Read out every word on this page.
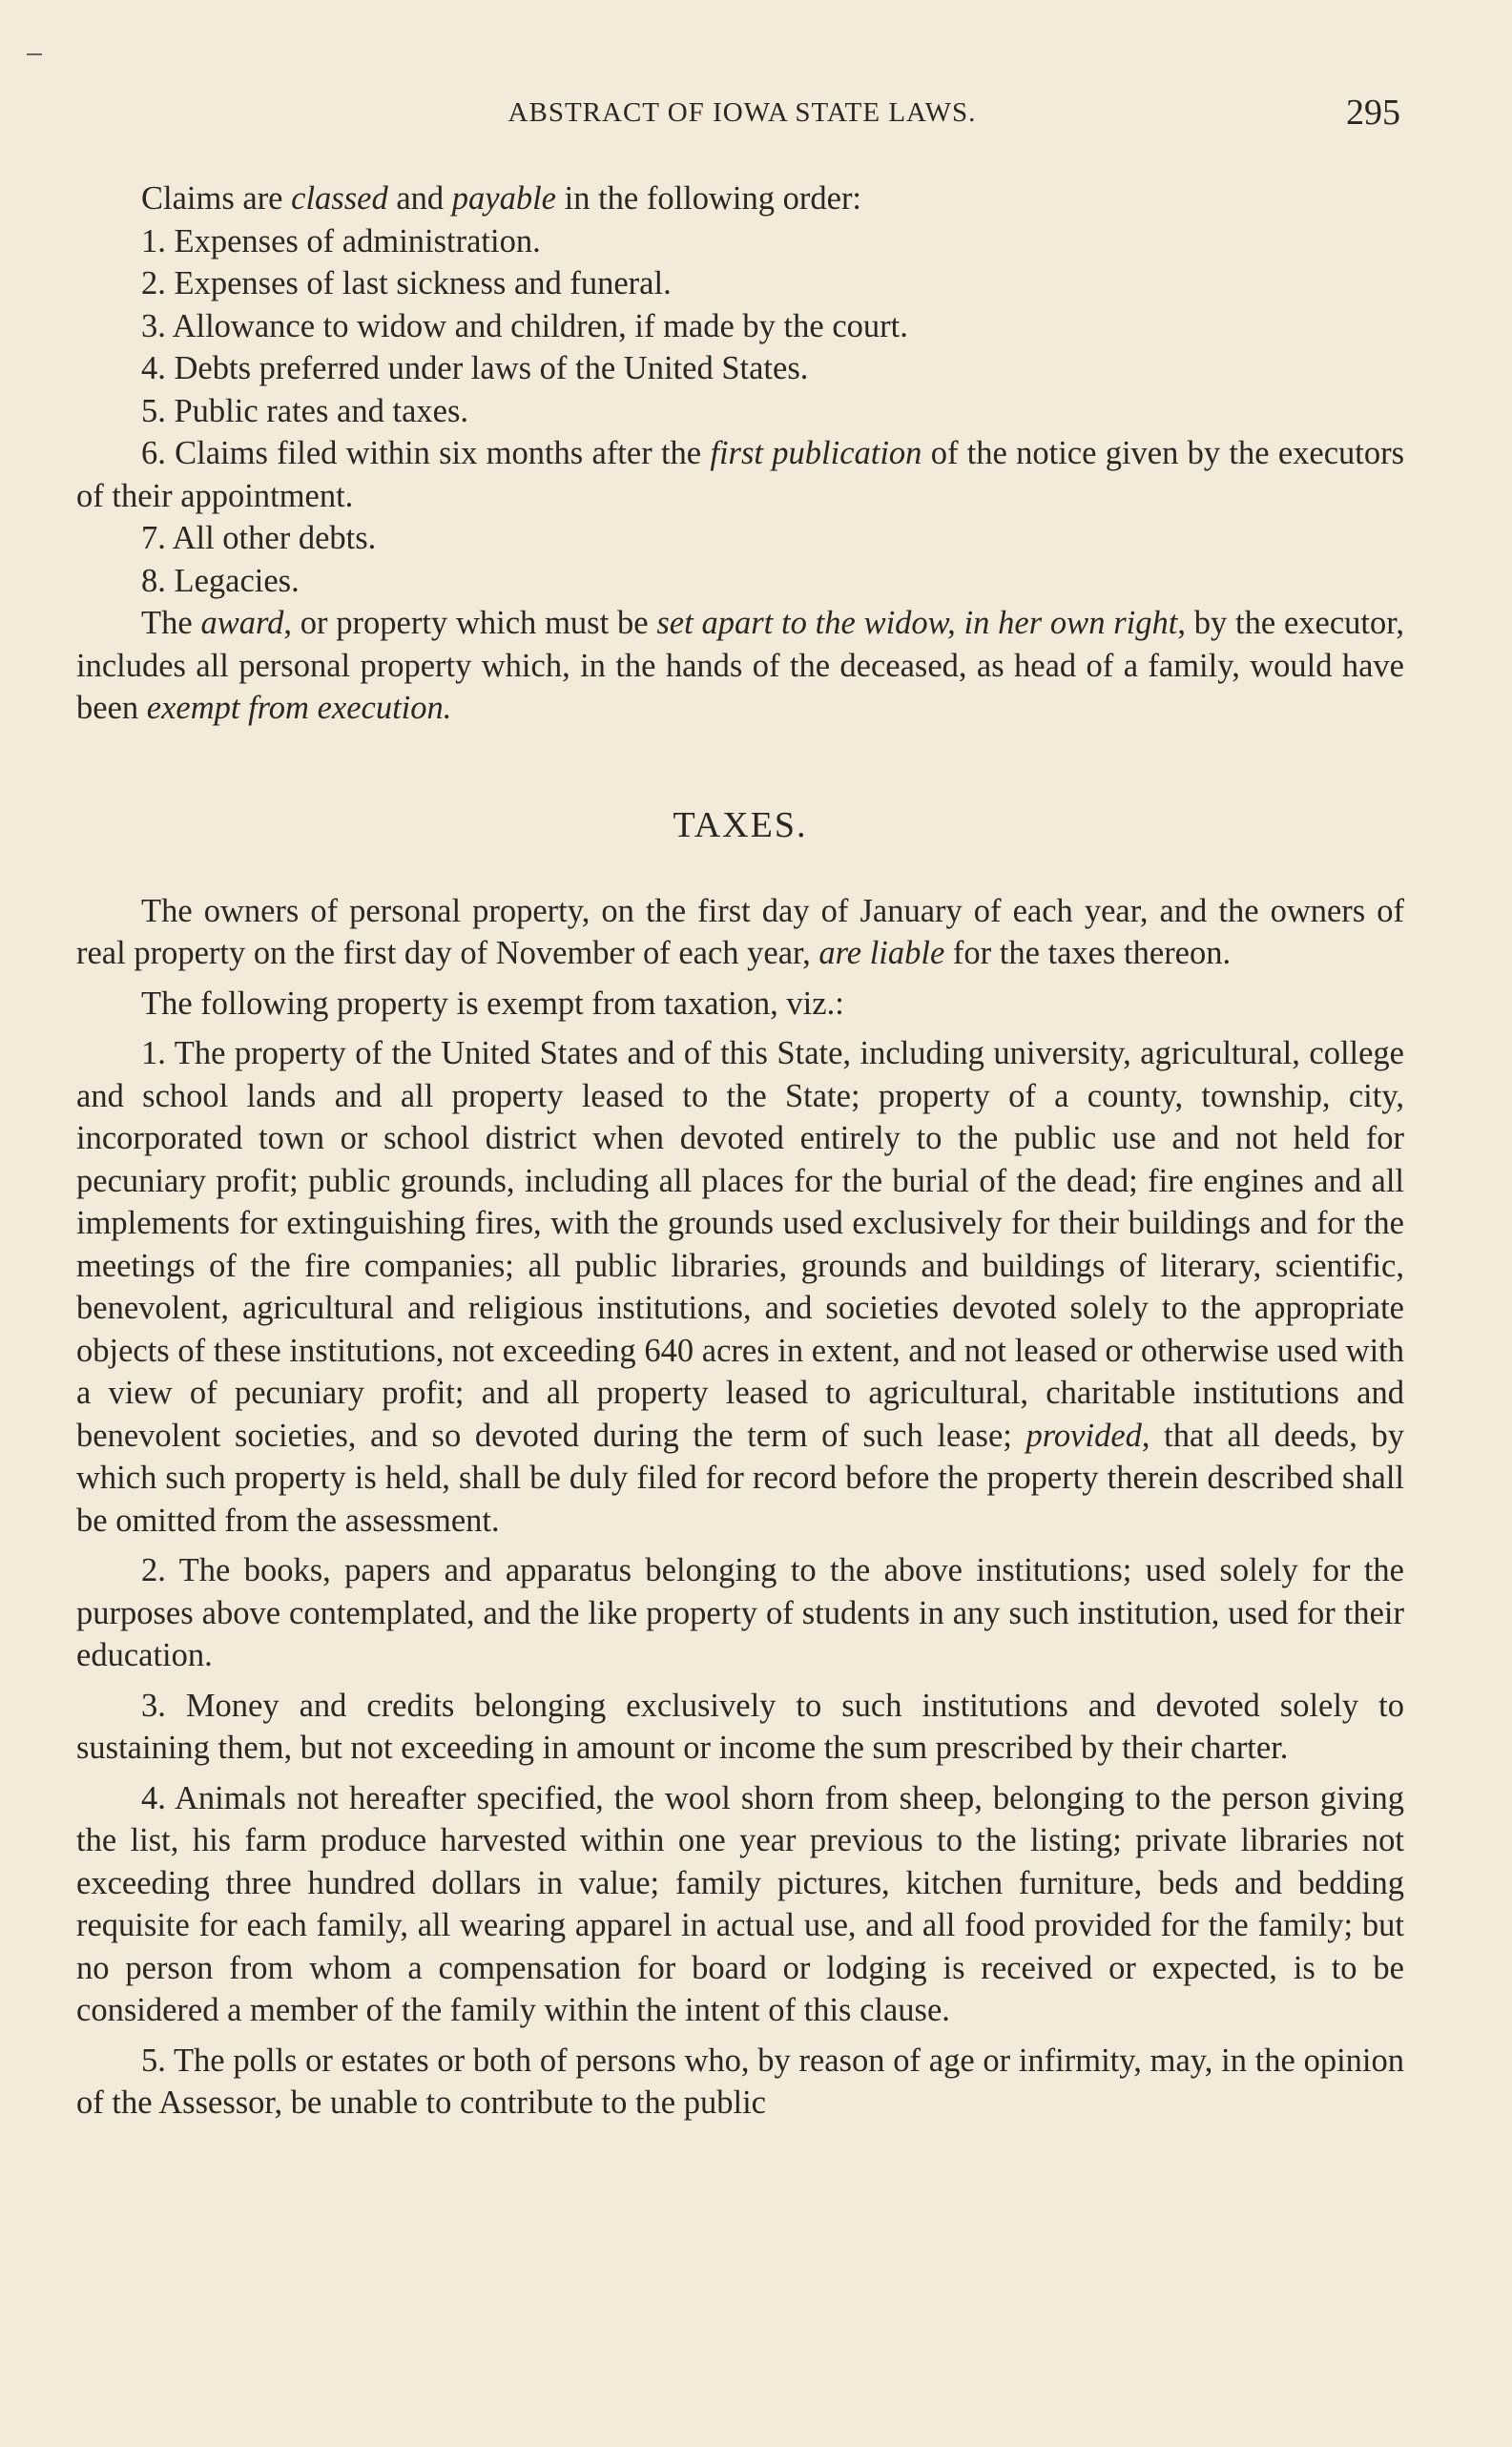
ABSTRACT OF IOWA STATE LAWS.	295

Claims are classed and payable in the following order:

1. Expenses of administration.

2. Expenses of last sickness and funeral.

3. Allowance to widow and children, if made by the court.

4. Debts preferred under laws of the United States.

5. Public rates and taxes.

6. Claims filed within six months after the first publication of the notice given by the executors of their appointment.

7. All other debts.

8. Legacies.

The award, or property which must be set apart to the widow, in her own right, by the executor, includes all personal property which, in the hands of the deceased, as head of a family, would have been exempt from execution.

TAXES.

The owners of personal property, on the first day of January of each year, and the owners of real property on the first day of November of each year, are liable for the taxes thereon.

The following property is exempt from taxation, viz.:

1. The property of the United States and of this State, including university, agricultural, college and school lands and all property leased to the State; property of a county, township, city, incorporated town or school district when devoted entirely to the public use and not held for pecuniary profit; public grounds, including all places for the burial of the dead; fire engines and all implements for extinguishing fires, with the grounds used exclusively for their buildings and for the meetings of the fire companies; all public libraries, grounds and buildings of literary, scientific, benevolent, agricultural and religious institutions, and societies devoted solely to the appropriate objects of these institutions, not exceeding 640 acres in extent, and not leased or otherwise used with a view of pecuniary profit; and all property leased to agricultural, charitable institutions and benevolent societies, and so devoted during the term of such lease; provided, that all deeds, by which such property is held, shall be duly filed for record before the property therein described shall be omitted from the assessment.

2. The books, papers and apparatus belonging to the above institutions; used solely for the purposes above contemplated, and the like property of students in any such institution, used for their education.

3. Money and credits belonging exclusively to such institutions and devoted solely to sustaining them, but not exceeding in amount or income the sum prescribed by their charter.

4. Animals not hereafter specified, the wool shorn from sheep, belonging to the person giving the list, his farm produce harvested within one year previous to the listing; private libraries not exceeding three hundred dollars in value; family pictures, kitchen furniture, beds and bedding requisite for each family, all wearing apparel in actual use, and all food provided for the family; but no person from whom a compensation for board or lodging is received or expected, is to be considered a member of the family within the intent of this clause.

5. The polls or estates or both of persons who, by reason of age or infirmity, may, in the opinion of the Assessor, be unable to contribute to the public
